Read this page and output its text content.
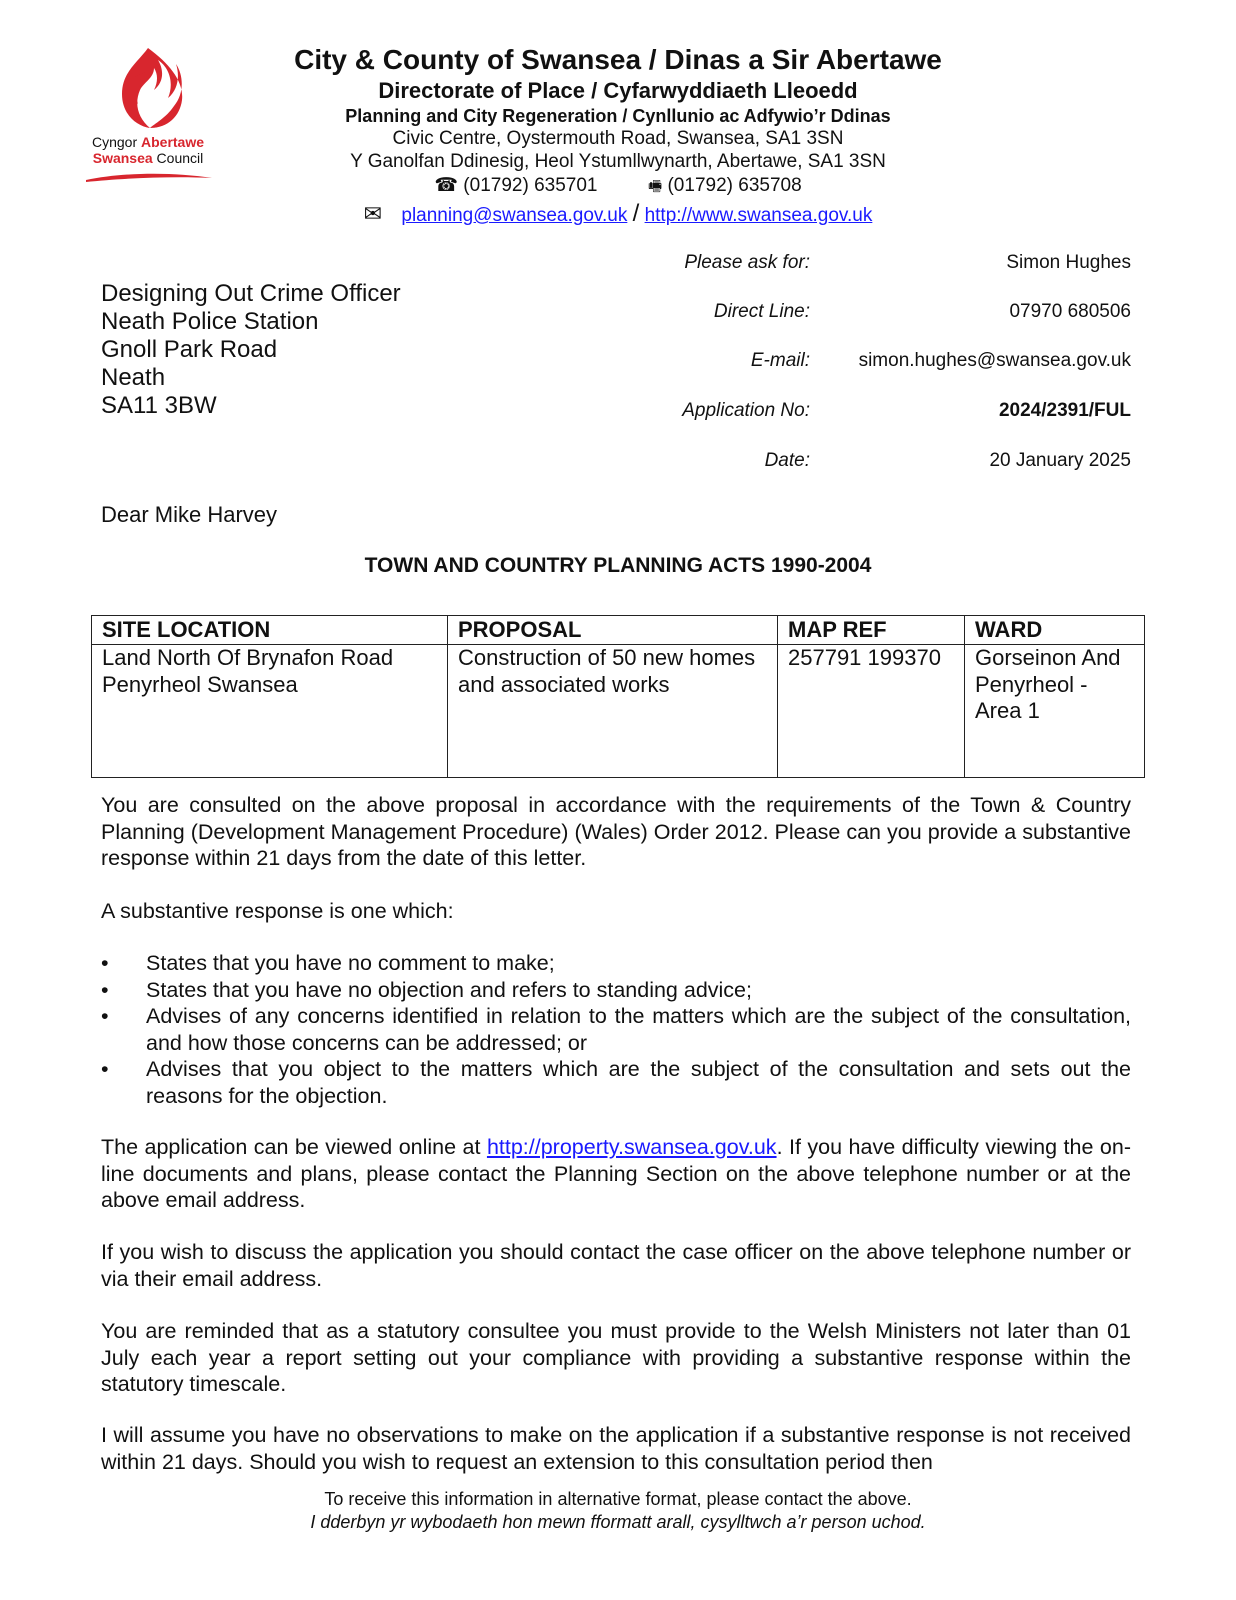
Cyngor Abertawe
Swansea Council
City & County of Swansea / Dinas a Sir Abertawe
Directorate of Place / Cyfarwyddiaeth Lleoedd
Planning and City Regeneration / Cynllunio ac Adfywio’r Ddinas
Civic Centre, Oystermouth Road, Swansea, SA1 3SN
Y Ganolfan Ddinesig, Heol Ystumllwynarth, Abertawe, SA1 3SN
☎ (01792) 635701	🖷 (01792) 635708
✉ planning@swansea.gov.uk / http://www.swansea.gov.uk
Please ask for:	Simon Hughes
Direct Line:	07970 680506
E-mail:	simon.hughes@swansea.gov.uk
Application No:	2024/2391/FUL
Date:	20 January 2025
Designing Out Crime Officer
Neath Police Station
Gnoll Park Road
Neath
SA11 3BW
Dear Mike Harvey
TOWN AND COUNTRY PLANNING ACTS 1990-2004
SITE LOCATION	PROPOSAL	MAP REF	WARD
Land North Of Brynafon Road Penyrheol Swansea	Construction of 50 new homes and associated works	257791 199370	Gorseinon And Penyrheol - Area 1
You are consulted on the above proposal in accordance with the requirements of the Town & Country Planning (Development Management Procedure) (Wales) Order 2012. Please can you provide a substantive response within 21 days from the date of this letter.
A substantive response is one which:
• States that you have no comment to make;
• States that you have no objection and refers to standing advice;
• Advises of any concerns identified in relation to the matters which are the subject of the consultation, and how those concerns can be addressed; or
• Advises that you object to the matters which are the subject of the consultation and sets out the reasons for the objection.
The application can be viewed online at http://property.swansea.gov.uk. If you have difficulty viewing the on-line documents and plans, please contact the Planning Section on the above telephone number or at the above email address.
If you wish to discuss the application you should contact the case officer on the above telephone number or via their email address.
You are reminded that as a statutory consultee you must provide to the Welsh Ministers not later than 01 July each year a report setting out your compliance with providing a substantive response within the statutory timescale.
I will assume you have no observations to make on the application if a substantive response is not received within 21 days. Should you wish to request an extension to this consultation period then
To receive this information in alternative format, please contact the above.
I dderbyn yr wybodaeth hon mewn fformatt arall, cysylltwch a’r person uchod.
